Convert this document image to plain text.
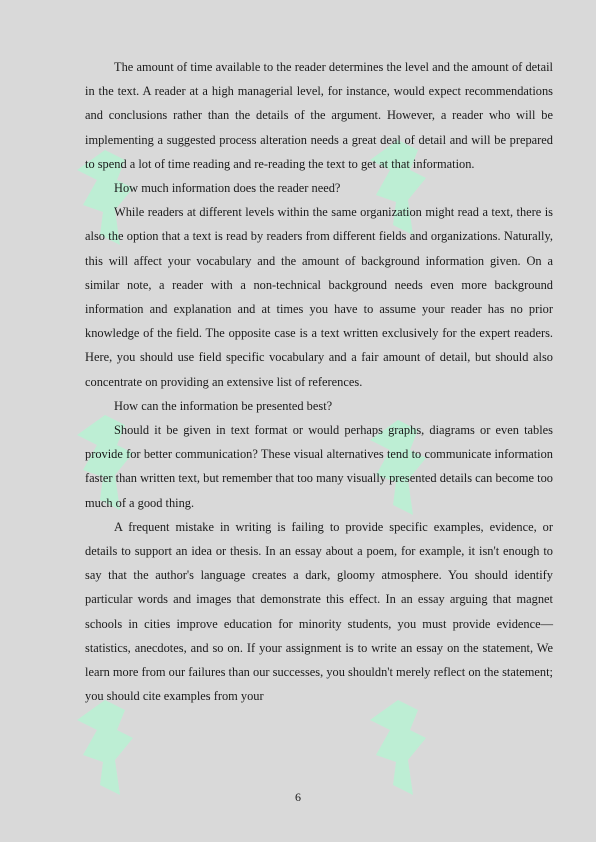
The amount of time available to the reader determines the level and the amount of detail in the text. A reader at a high managerial level, for instance, would expect recommendations and conclusions rather than the details of the argument. However, a reader who will be implementing a suggested process alteration needs a great deal of detail and will be prepared to spend a lot of time reading and re-reading the text to get at that information.

How much information does the reader need?

While readers at different levels within the same organization might read a text, there is also the option that a text is read by readers from different fields and organizations. Naturally, this will affect your vocabulary and the amount of background information given. On a similar note, a reader with a non-technical background needs even more background information and explanation and at times you have to assume your reader has no prior knowledge of the field. The opposite case is a text written exclusively for the expert readers. Here, you should use field specific vocabulary and a fair amount of detail, but should also concentrate on providing an extensive list of references.

How can the information be presented best?

Should it be given in text format or would perhaps graphs, diagrams or even tables provide for better communication? These visual alternatives tend to communicate information faster than written text, but remember that too many visually presented details can become too much of a good thing.

A frequent mistake in writing is failing to provide specific examples, evidence, or details to support an idea or thesis. In an essay about a poem, for example, it isn't enough to say that the author's language creates a dark, gloomy atmosphere. You should identify particular words and images that demonstrate this effect. In an essay arguing that magnet schools in cities improve education for minority students, you must provide evidence—statistics, anecdotes, and so on. If your assignment is to write an essay on the statement, We learn more from our failures than our successes, you shouldn't merely reflect on the statement; you should cite examples from your

6
